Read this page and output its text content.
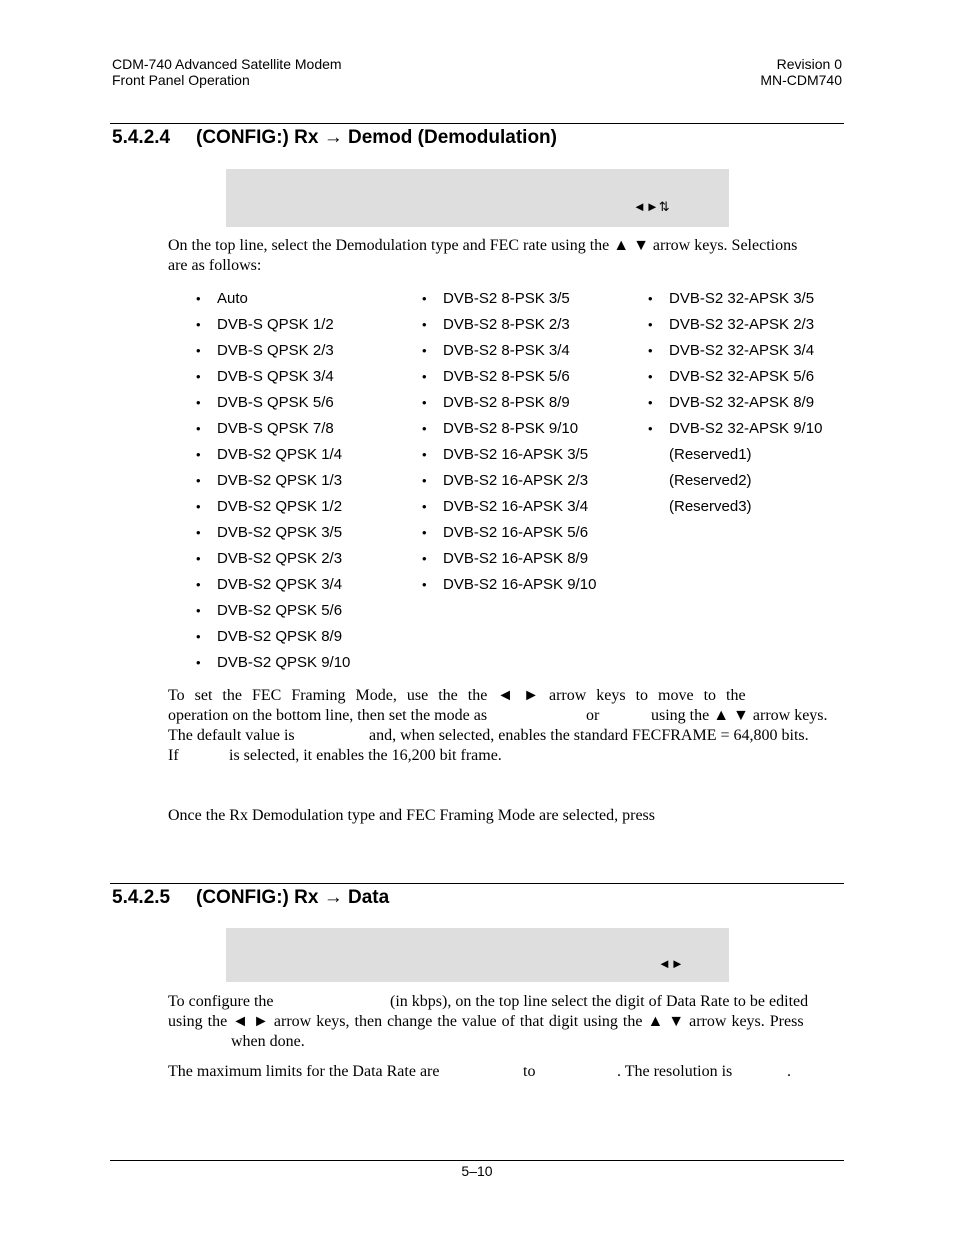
CDM-740 Advanced Satellite Modem
Front Panel Operation
Revision 0
MN-CDM740
5.4.2.4 (CONFIG:) Rx → Demod (Demodulation)
◄►⇅
On the top line, select the Demodulation type and FEC rate using the ▲ ▼ arrow keys. Selections
are as follows:
• Auto
• DVB-S QPSK 1/2
• DVB-S QPSK 2/3
• DVB-S QPSK 3/4
• DVB-S QPSK 5/6
• DVB-S QPSK 7/8
• DVB-S2 QPSK 1/4
• DVB-S2 QPSK 1/3
• DVB-S2 QPSK 1/2
• DVB-S2 QPSK 3/5
• DVB-S2 QPSK 2/3
• DVB-S2 QPSK 3/4
• DVB-S2 QPSK 5/6
• DVB-S2 QPSK 8/9
• DVB-S2 QPSK 9/10
• DVB-S2 8-PSK 3/5
• DVB-S2 8-PSK 2/3
• DVB-S2 8-PSK 3/4
• DVB-S2 8-PSK 5/6
• DVB-S2 8-PSK 8/9
• DVB-S2 8-PSK 9/10
• DVB-S2 16-APSK 3/5
• DVB-S2 16-APSK 2/3
• DVB-S2 16-APSK 3/4
• DVB-S2 16-APSK 5/6
• DVB-S2 16-APSK 8/9
• DVB-S2 16-APSK 9/10
• DVB-S2 32-APSK 3/5
• DVB-S2 32-APSK 2/3
• DVB-S2 32-APSK 3/4
• DVB-S2 32-APSK 5/6
• DVB-S2 32-APSK 8/9
• DVB-S2 32-APSK 9/10
(Reserved1)
(Reserved2)
(Reserved3)
To set the FEC Framing Mode, use the the ◄ ► arrow keys to move to the
operation on the bottom line, then set the mode as	or	using the ▲ ▼ arrow keys.
The default value is	and, when selected, enables the standard FECFRAME = 64,800 bits.
If	is selected, it enables the 16,200 bit frame.
Once the Rx Demodulation type and FEC Framing Mode are selected, press
5.4.2.5 (CONFIG:) Rx → Data
◄►
To configure the	(in kbps), on the top line select the digit of Data Rate to be edited
using the ◄ ► arrow keys, then change the value of that digit using the ▲ ▼ arrow keys. Press
when done.
The maximum limits for the Data Rate are	to	. The resolution is	.
5–10
